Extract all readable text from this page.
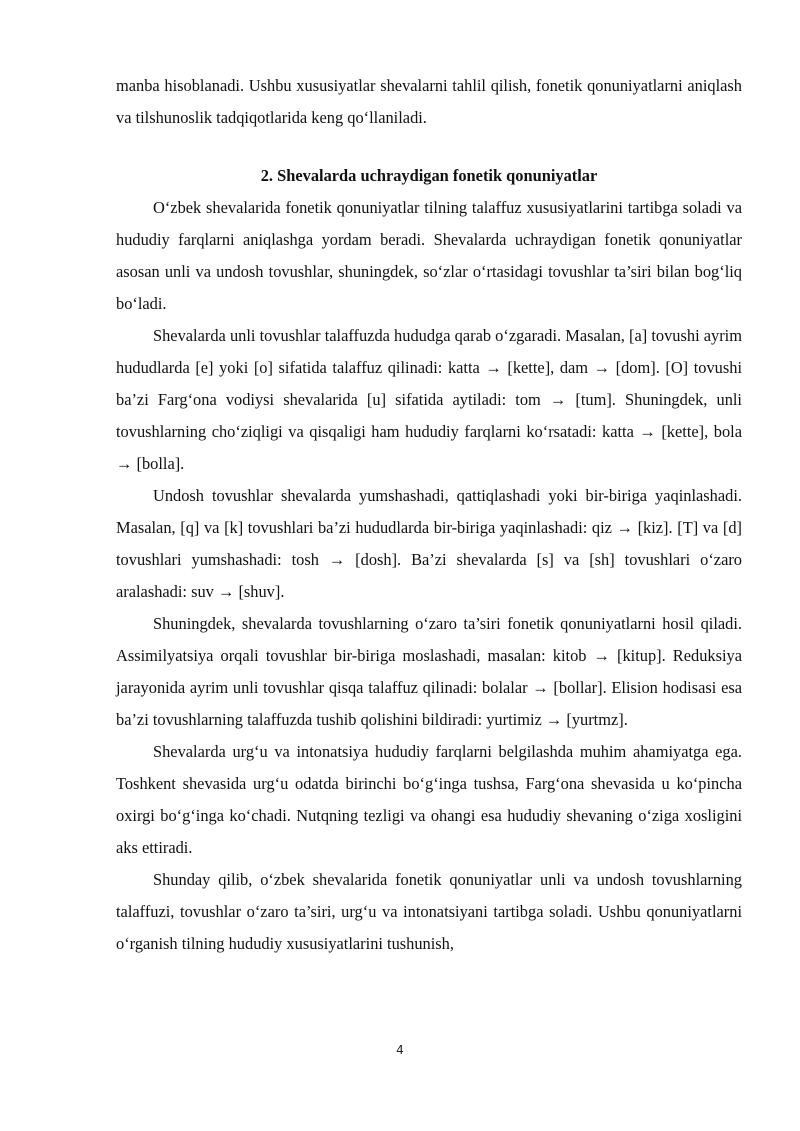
manba hisoblanadi. Ushbu xususiyatlar shevalarni tahlil qilish, fonetik qonuniyatlarni aniqlash va tilshunoslik tadqiqotlarida keng qoʻllaniladi.

2. Shevalarda uchraydigan fonetik qonuniyatlar

Oʻzbek shevalarida fonetik qonuniyatlar tilning talaffuz xususiyatlarini tartibga soladi va hududiy farqlarni aniqlashga yordam beradi. Shevalarda uchraydigan fonetik qonuniyatlar asosan unli va undosh tovushlar, shuningdek, soʻzlar oʻrtasidagi tovushlar ta’siri bilan bogʻliq boʻladi.

Shevalarda unli tovushlar talaffuzda hududga qarab oʻzgaradi. Masalan, [a] tovushi ayrim hududlarda [e] yoki [o] sifatida talaffuz qilinadi: katta → [kette], dam → [dom]. [O] tovushi ba’zi Fargʻona vodiysi shevalarida [u] sifatida aytiladi: tom → [tum]. Shuningdek, unli tovushlarning choʻziqligi va qisqaligi ham hududiy farqlarni koʻrsatadi: katta → [kette], bola → [bolla].

Undosh tovushlar shevalarda yumshashadi, qattiqlashadi yoki bir-biriga yaqinlashadi. Masalan, [q] va [k] tovushlari ba’zi hududlarda bir-biriga yaqinlashadi: qiz → [kiz]. [T] va [d] tovushlari yumshashadi: tosh → [dosh]. Ba’zi shevalarda [s] va [sh] tovushlari oʻzaro aralashadi: suv → [shuv].

Shuningdek, shevalarda tovushlarning oʻzaro ta’siri fonetik qonuniyatlarni hosil qiladi. Assimilyatsiya orqali tovushlar bir-biriga moslashadi, masalan: kitob → [kitup]. Reduksiya jarayonida ayrim unli tovushlar qisqa talaffuz qilinadi: bolalar → [bollar]. Elision hodisasi esa ba’zi tovushlarning talaffuzda tushib qolishini bildiradi: yurtimiz → [yurtmz].

Shevalarda urgʻu va intonatsiya hududiy farqlarni belgilashda muhim ahamiyatga ega. Toshkent shevasida urgʻu odatda birinchi boʻgʻinga tushsa, Fargʻona shevasida u koʻpincha oxirgi boʻgʻinga koʻchadi. Nutqning tezligi va ohangi esa hududiy shevaning oʻziga xosligini aks ettiradi.

Shunday qilib, oʻzbek shevalarida fonetik qonuniyatlar unli va undosh tovushlarning talaffuzi, tovushlar oʻzaro ta’siri, urgʻu va intonatsiyani tartibga soladi. Ushbu qonuniyatlarni oʻrganish tilning hududiy xususiyatlarini tushunish,

4
